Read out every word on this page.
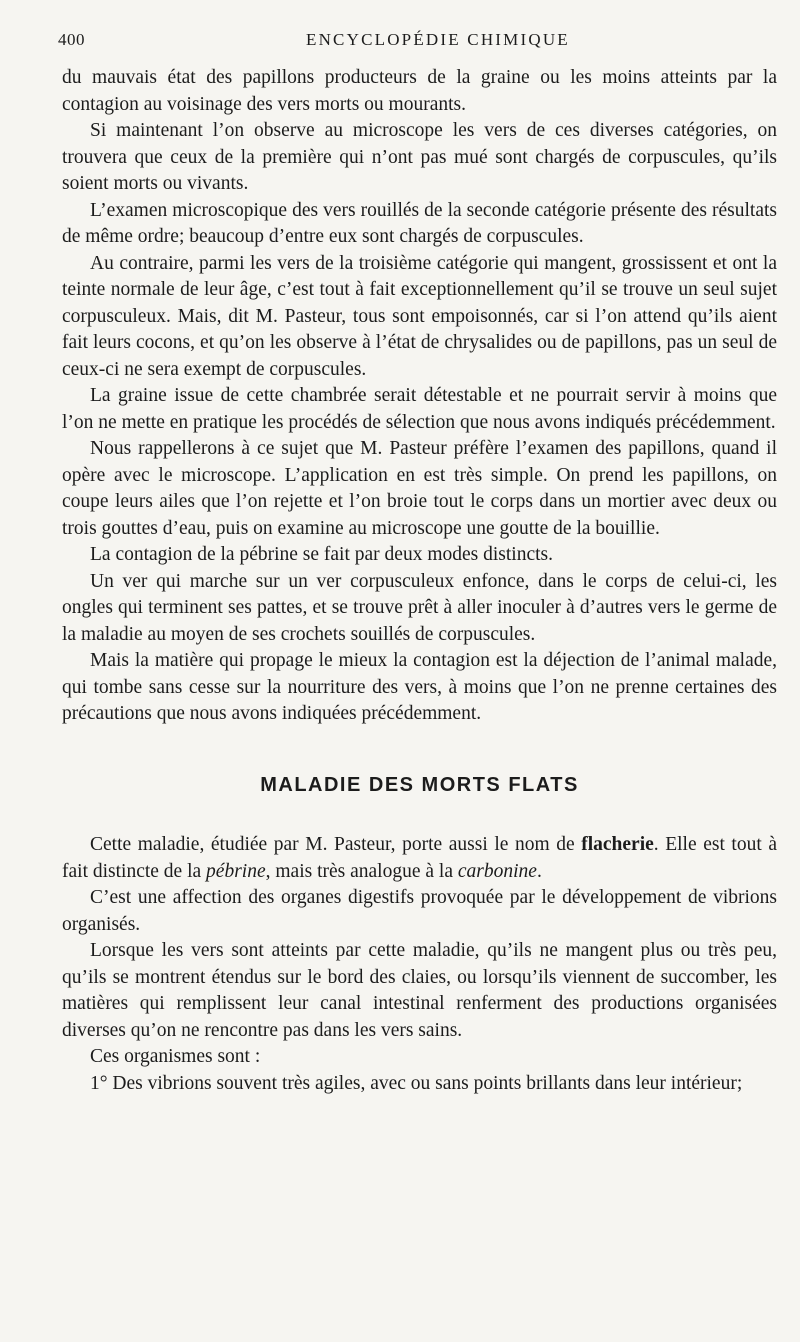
400	ENCYCLOPÉDIE CHIMIQUE

du mauvais état des papillons producteurs de la graine ou les moins atteints par la contagion au voisinage des vers morts ou mourants.

Si maintenant l’on observe au microscope les vers de ces diverses catégories, on trouvera que ceux de la première qui n’ont pas mué sont chargés de corpuscules, qu’ils soient morts ou vivants.

L’examen microscopique des vers rouillés de la seconde catégorie présente des résultats de même ordre; beaucoup d’entre eux sont chargés de corpuscules.

Au contraire, parmi les vers de la troisième catégorie qui mangent, grossissent et ont la teinte normale de leur âge, c’est tout à fait exceptionnellement qu’il se trouve un seul sujet corpusculeux. Mais, dit M. Pasteur, tous sont empoisonnés, car si l’on attend qu’ils aient fait leurs cocons, et qu’on les observe à l’état de chrysalides ou de papillons, pas un seul de ceux-ci ne sera exempt de corpuscules.

La graine issue de cette chambrée serait détestable et ne pourrait servir à moins que l’on ne mette en pratique les procédés de sélection que nous avons indiqués précédemment.

Nous rappellerons à ce sujet que M. Pasteur préfère l’examen des papillons, quand il opère avec le microscope. L’application en est très simple. On prend les papillons, on coupe leurs ailes que l’on rejette et l’on broie tout le corps dans un mortier avec deux ou trois gouttes d’eau, puis on examine au microscope une goutte de la bouillie.

La contagion de la pébrine se fait par deux modes distincts.

Un ver qui marche sur un ver corpusculeux enfonce, dans le corps de celui-ci, les ongles qui terminent ses pattes, et se trouve prêt à aller inoculer à d’autres vers le germe de la maladie au moyen de ses crochets souillés de corpuscules.

Mais la matière qui propage le mieux la contagion est la déjection de l’animal malade, qui tombe sans cesse sur la nourriture des vers, à moins que l’on ne prenne certaines des précautions que nous avons indiquées précédemment.

MALADIE DES MORTS FLATS

Cette maladie, étudiée par M. Pasteur, porte aussi le nom de flacherie. Elle est tout à fait distincte de la pébrine, mais très analogue à la carbonine.

C’est une affection des organes digestifs provoquée par le développement de vibrions organisés.

Lorsque les vers sont atteints par cette maladie, qu’ils ne mangent plus ou très peu, qu’ils se montrent étendus sur le bord des claies, ou lorsqu’ils viennent de succomber, les matières qui remplissent leur canal intestinal renferment des productions organisées diverses qu’on ne rencontre pas dans les vers sains.

Ces organismes sont :

1° Des vibrions souvent très agiles, avec ou sans points brillants dans leur intérieur;
